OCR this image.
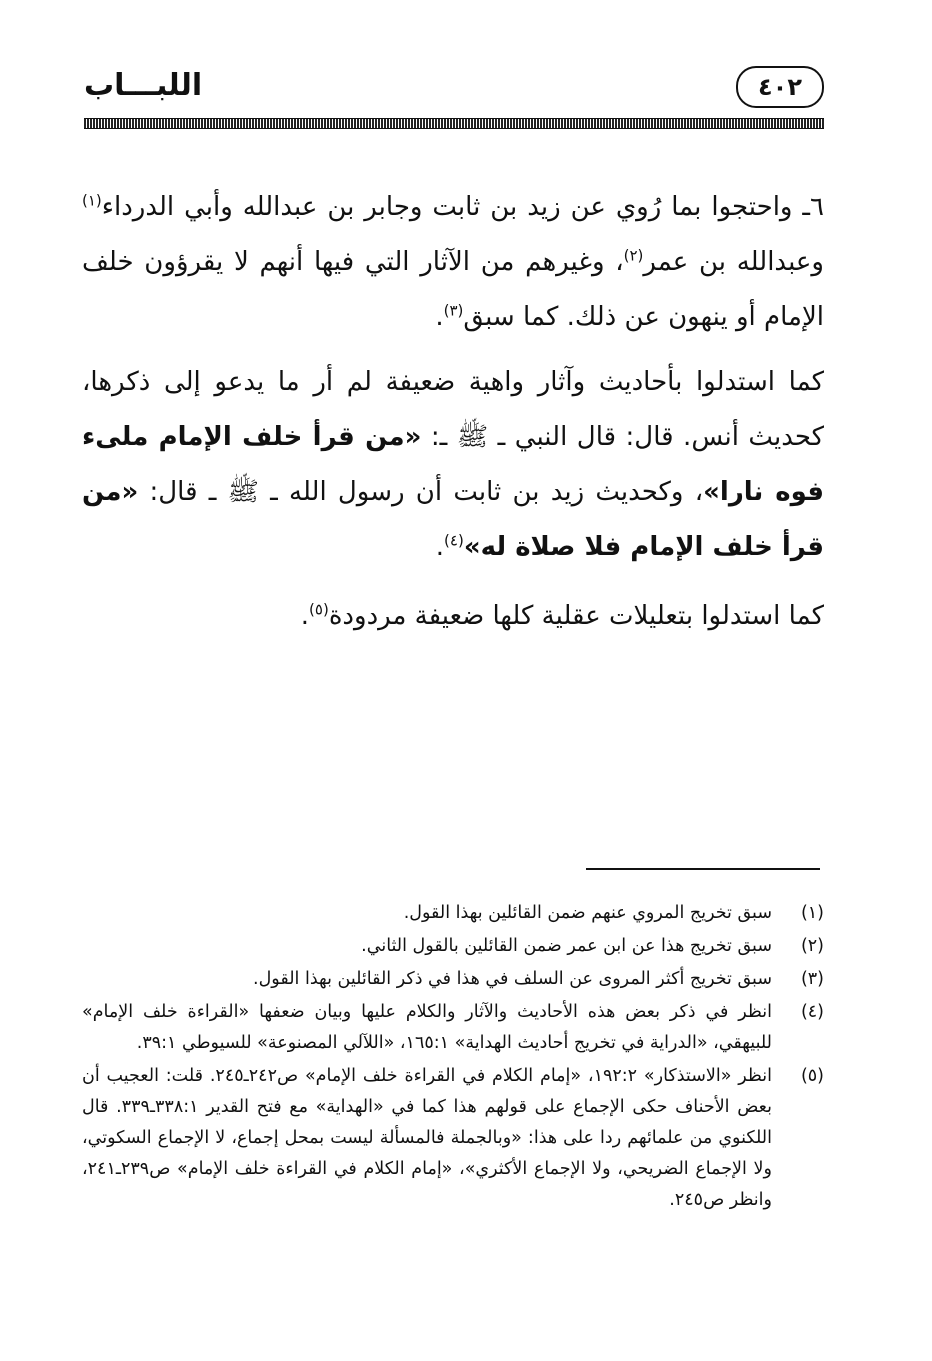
اللبـــاب	٤٠٢

٦ـ واحتجوا بما رُوي عن زيد بن ثابت وجابر بن عبدالله وأبي الدرداء$^{(١)}$ وعبدالله بن عمر$^{(٢)}$، وغيرهم من الآثار التي فيها أنهم لا يقرؤون خلف الإمام أو ينهون عن ذلك. كما سبق$^{(٣)}$.

كما استدلوا بأحاديث وآثار واهية ضعيفة لم أر ما يدعو إلى ذكرها، كحديث أنس. قال: قال النبي ـ ﷺ ـ: «من قرأ خلف الإمام ملىء فوه نارا»، وكحديث زيد بن ثابت أن رسول الله ـ ﷺ ـ قال: «من قرأ خلف الإمام فلا صلاة له»$^{(٤)}$.

كما استدلوا بتعليلات عقلية كلها ضعيفة مردودة$^{(٥)}$.

(١)
سبق تخريج المروي عنهم ضمن القائلين بهذا القول.
(٢)
سبق تخريج هذا عن ابن عمر ضمن القائلين بالقول الثاني.
(٣)
سبق تخريج أكثر المروى عن السلف في هذا في ذكر القائلين بهذا القول.
(٤)
انظر في ذكر بعض هذه الأحاديث والآثار والكلام عليها وبيان ضعفها «القراءة خلف الإمام» للبيهقي، «الدراية في تخريج أحاديث الهداية» ١٦٥:١، «اللآلي المصنوعة» للسيوطي ٣٩:١.
(٥)
انظر «الاستذكار» ١٩٢:٢، «إمام الكلام في القراءة خلف الإمام» ص٢٤٢ـ٢٤٥. قلت: العجيب أن بعض الأحناف حكى الإجماع على قولهم هذا كما في «الهداية» مع فتح القدير ٣٣٨:١ـ٣٣٩. قال اللكنوي من علمائهم ردا على هذا: «وبالجملة فالمسألة ليست بمحل إجماع، لا الإجماع السكوتي، ولا الإجماع الضريحي، ولا الإجماع الأكثري»، «إمام الكلام في القراءة خلف الإمام» ص٢٣٩ـ٢٤١، وانظر ص٢٤٥.
